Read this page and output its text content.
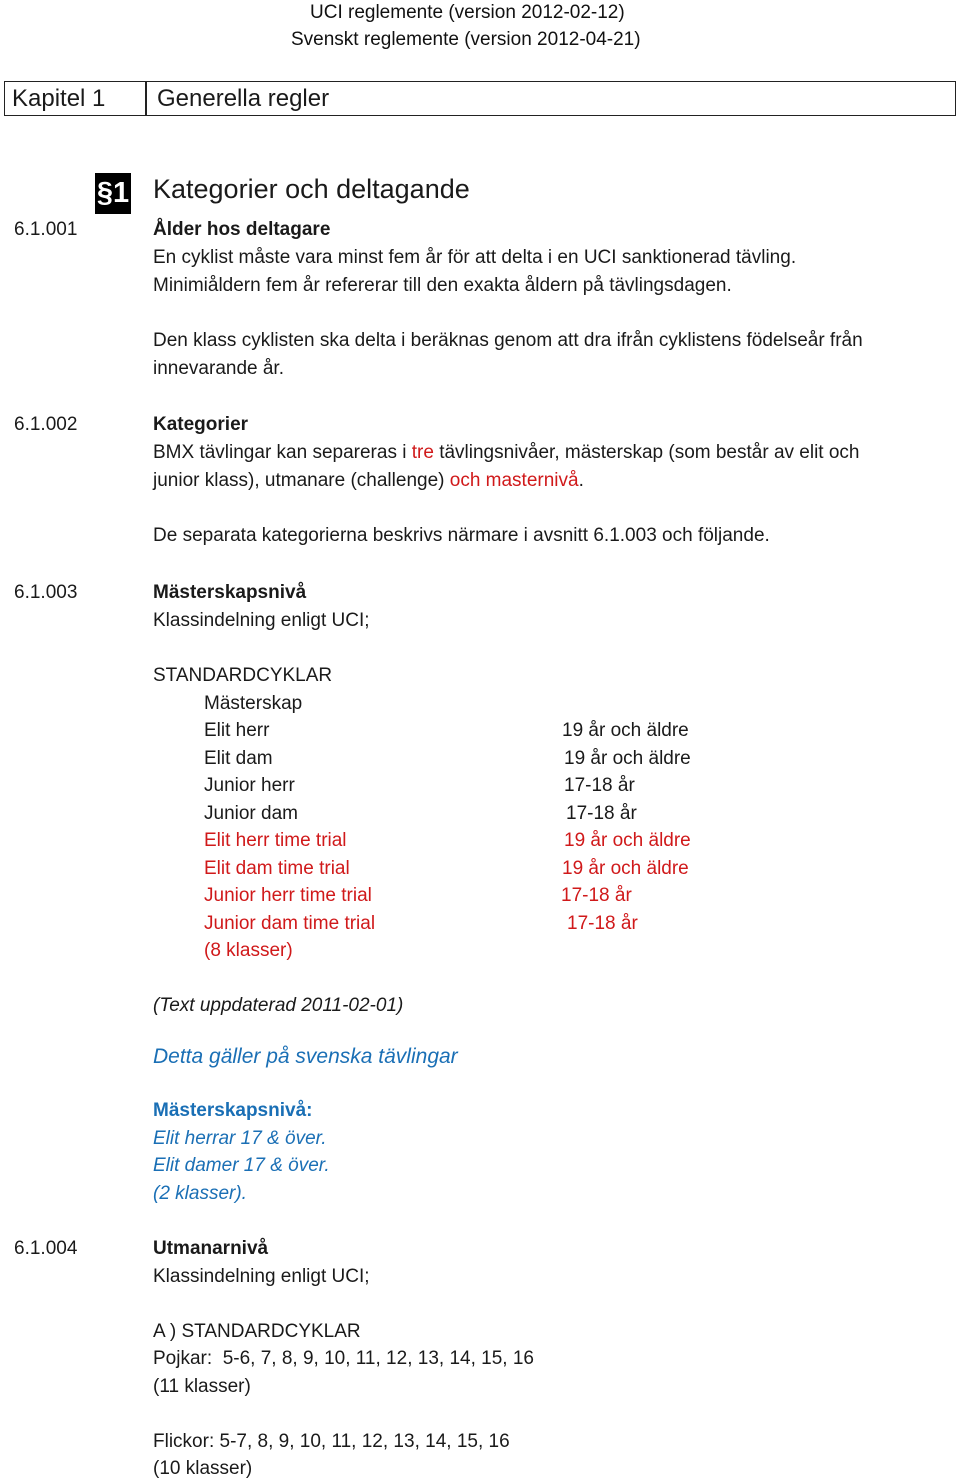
UCI reglemente (version 2012-02-12)
Svenskt reglemente (version 2012-04-21)
Kapitel 1 Generella regler
§1 Kategorier och deltagande
6.1.001	Ålder hos deltagare
En cyklist måste vara minst fem år för att delta i en UCI sanktionerad tävling.
Minimiåldern fem år refererar till den exakta åldern på tävlingsdagen.
Den klass cyklisten ska delta i beräknas genom att dra ifrån cyklistens födelseår från
innevarande år.
6.1.002	Kategorier
BMX tävlingar kan separeras i tre tävlingsnivåer, mästerskap (som består av elit och
junior klass), utmanare (challenge) och masternivå.
De separata kategorierna beskrivs närmare i avsnitt 6.1.003 och följande.
6.1.003	Mästerskapsnivå
Klassindelning enligt UCI;
STANDARDCYKLAR
Mästerskap
Elit herr	19 år och äldre
Elit dam	19 år och äldre
Junior herr	17-18 år
Junior dam	17-18 år
Elit herr time trial	19 år och äldre
Elit dam time trial	19 år och äldre
Junior herr time trial	17-18 år
Junior dam time trial	17-18 år
(8 klasser)
(Text uppdaterad 2011-02-01)
Detta gäller på svenska tävlingar
Mästerskapsnivå:
Elit herrar 17 & över.
Elit damer 17 & över.
(2 klasser).
6.1.004	Utmanarnivå
Klassindelning enligt UCI;
A ) STANDARDCYKLAR
Pojkar:  5-6, 7, 8, 9, 10, 11, 12, 13, 14, 15, 16
(11 klasser)
Flickor: 5-7, 8, 9, 10, 11, 12, 13, 14, 15, 16
(10 klasser)
